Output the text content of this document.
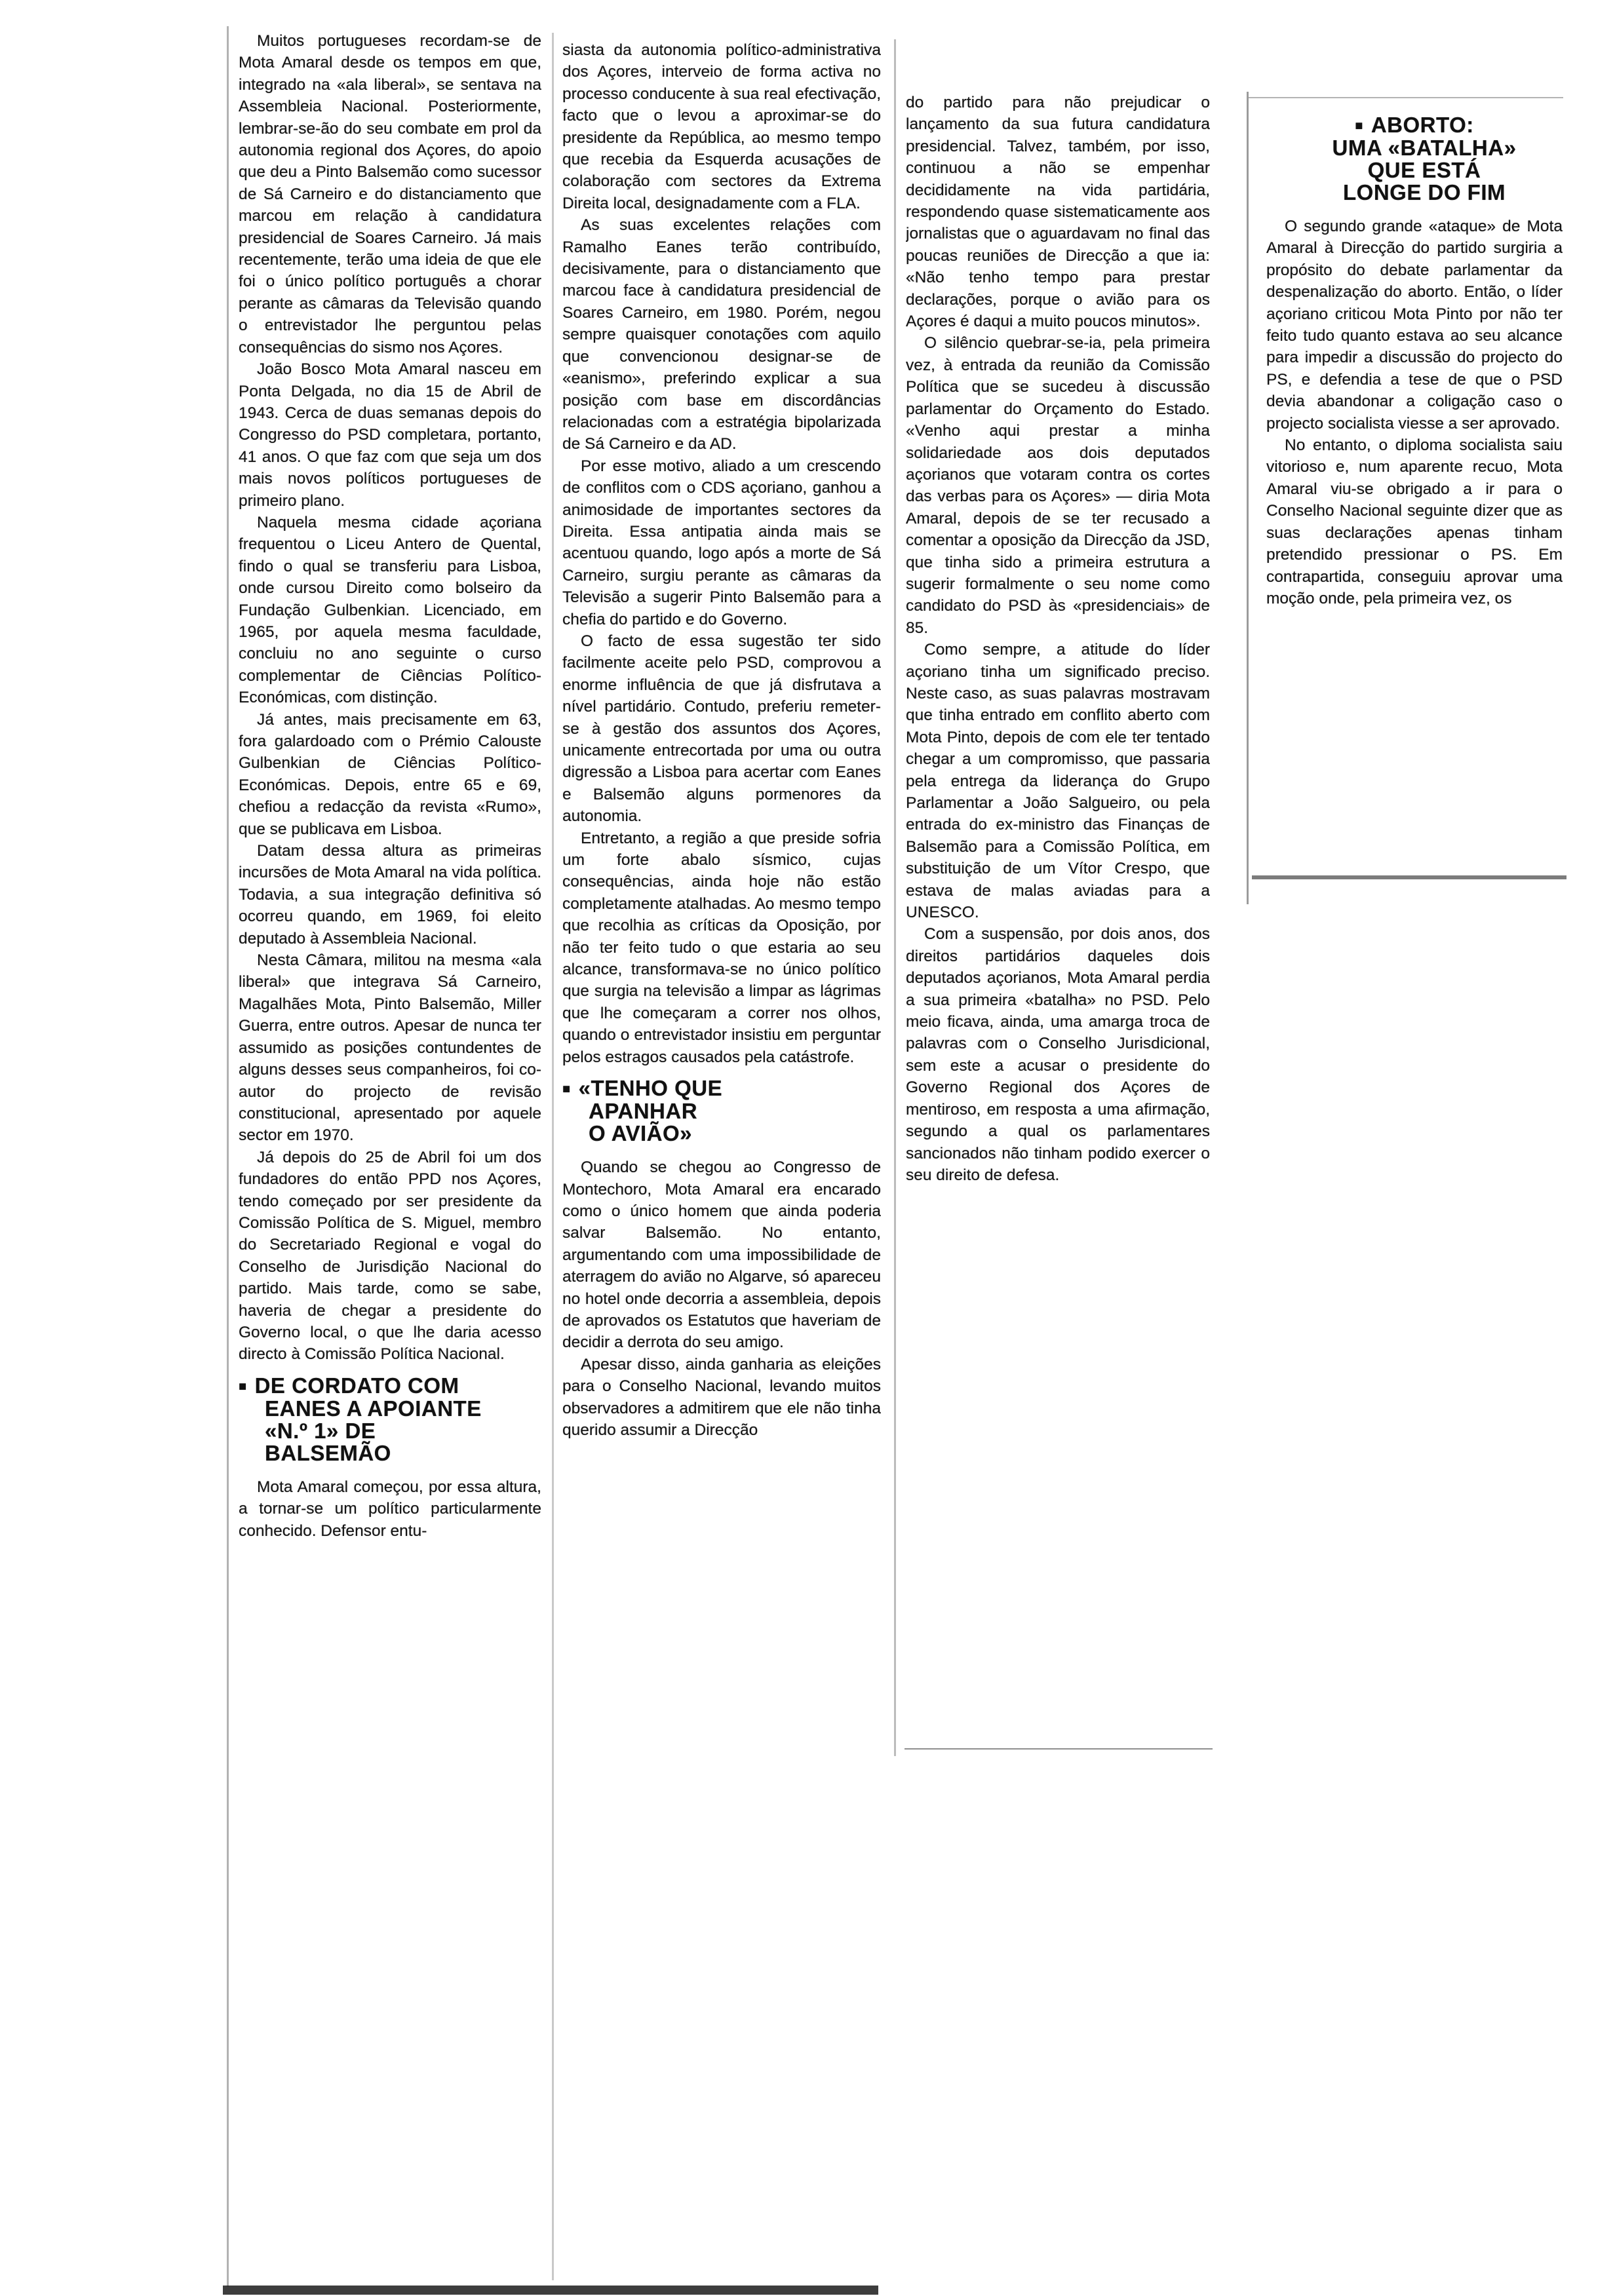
Muitos portugueses recordam-se de Mota Amaral desde os tempos em que, integrado na «ala liberal», se sentava na Assembleia Nacional. Posteriormente, lembrar-se-ão do seu combate em prol da autonomia regional dos Açores, do apoio que deu a Pinto Balsemão como sucessor de Sá Carneiro e do distanciamento que marcou em relação à candidatura presidencial de Soares Carneiro. Já mais recentemente, terão uma ideia de que ele foi o único político português a chorar perante as câmaras da Televisão quando o entrevistador lhe perguntou pelas consequências do sismo nos Açores.

João Bosco Mota Amaral nasceu em Ponta Delgada, no dia 15 de Abril de 1943. Cerca de duas semanas depois do Congresso do PSD completara, portanto, 41 anos. O que faz com que seja um dos mais novos políticos portugueses de primeiro plano.

Naquela mesma cidade açoriana frequentou o Liceu Antero de Quental, findo o qual se transferiu para Lisboa, onde cursou Direito como bolseiro da Fundação Gulbenkian. Licenciado, em 1965, por aquela mesma faculdade, concluiu no ano seguinte o curso complementar de Ciências Político-Económicas, com distinção.

Já antes, mais precisamente em 63, fora galardoado com o Prémio Calouste Gulbenkian de Ciências Político-Económicas. Depois, entre 65 e 69, chefiou a redacção da revista «Rumo», que se publicava em Lisboa.

Datam dessa altura as primeiras incursões de Mota Amaral na vida política. Todavia, a sua integração definitiva só ocorreu quando, em 1969, foi eleito deputado à Assembleia Nacional.

Nesta Câmara, militou na mesma «ala liberal» que integrava Sá Carneiro, Magalhães Mota, Pinto Balsemão, Miller Guerra, entre outros. Apesar de nunca ter assumido as posições contundentes de alguns desses seus companheiros, foi co-autor do projecto de revisão constitucional, apresentado por aquele sector em 1970.

Já depois do 25 de Abril foi um dos fundadores do então PPD nos Açores, tendo começado por ser presidente da Comissão Política de S. Miguel, membro do Secretariado Regional e vogal do Conselho de Jurisdição Nacional do partido. Mais tarde, como se sabe, haveria de chegar a presidente do Governo local, o que lhe daria acesso directo à Comissão Política Nacional.

■ DE CORDATO COM
EANES A APOIANTE
«N.º 1» DE
BALSEMÃO

Mota Amaral começou, por essa altura, a tornar-se um político particularmente conhecido. Defensor entu-

siasta da autonomia político-administrativa dos Açores, interveio de forma activa no processo conducente à sua real efectivação, facto que o levou a aproximar-se do presidente da República, ao mesmo tempo que recebia da Esquerda acusações de colaboração com sectores da Extrema Direita local, designadamente com a FLA.

As suas excelentes relações com Ramalho Eanes terão contribuído, decisivamente, para o distanciamento que marcou face à candidatura presidencial de Soares Carneiro, em 1980. Porém, negou sempre quaisquer conotações com aquilo que convencionou designar-se de «eanismo», preferindo explicar a sua posição com base em discordâncias relacionadas com a estratégia bipolarizada de Sá Carneiro e da AD.

Por esse motivo, aliado a um crescendo de conflitos com o CDS açoriano, ganhou a animosidade de importantes sectores da Direita. Essa antipatia ainda mais se acentuou quando, logo após a morte de Sá Carneiro, surgiu perante as câmaras da Televisão a sugerir Pinto Balsemão para a chefia do partido e do Governo.

O facto de essa sugestão ter sido facilmente aceite pelo PSD, comprovou a enorme influência de que já disfrutava a nível partidário. Contudo, preferiu remeter-se à gestão dos assuntos dos Açores, unicamente entrecortada por uma ou outra digressão a Lisboa para acertar com Eanes e Balsemão alguns pormenores da autonomia.

Entretanto, a região a que preside sofria um forte abalo sísmico, cujas consequências, ainda hoje não estão completamente atalhadas. Ao mesmo tempo que recolhia as críticas da Oposição, por não ter feito tudo o que estaria ao seu alcance, transformava-se no único político que surgia na televisão a limpar as lágrimas que lhe começaram a correr nos olhos, quando o entrevistador insistiu em perguntar pelos estragos causados pela catástrofe.

■ «TENHO QUE
APANHAR
O AVIÃO»

Quando se chegou ao Congresso de Montechoro, Mota Amaral era encarado como o único homem que ainda poderia salvar Balsemão. No entanto, argumentando com uma impossibilidade de aterragem do avião no Algarve, só apareceu no hotel onde decorria a assembleia, depois de aprovados os Estatutos que haveriam de decidir a derrota do seu amigo.

Apesar disso, ainda ganharia as eleições para o Conselho Nacional, levando muitos observadores a admitirem que ele não tinha querido assumir a Direcção

do partido para não prejudicar o lançamento da sua futura candidatura presidencial. Talvez, também, por isso, continuou a não se empenhar decididamente na vida partidária, respondendo quase sistematicamente aos jornalistas que o aguardavam no final das poucas reuniões de Direcção a que ia: «Não tenho tempo para prestar declarações, porque o avião para os Açores é daqui a muito poucos minutos».

O silêncio quebrar-se-ia, pela primeira vez, à entrada da reunião da Comissão Política que se sucedeu à discussão parlamentar do Orçamento do Estado. «Venho aqui prestar a minha solidariedade aos dois deputados açorianos que votaram contra os cortes das verbas para os Açores» — diria Mota Amaral, depois de se ter recusado a comentar a oposição da Direcção da JSD, que tinha sido a primeira estrutura a sugerir formalmente o seu nome como candidato do PSD às «presidenciais» de 85.

Como sempre, a atitude do líder açoriano tinha um significado preciso. Neste caso, as suas palavras mostravam que tinha entrado em conflito aberto com Mota Pinto, depois de com ele ter tentado chegar a um compromisso, que passaria pela entrega da liderança do Grupo Parlamentar a João Salgueiro, ou pela entrada do ex-ministro das Finanças de Balsemão para a Comissão Política, em substituição de um Vítor Crespo, que estava de malas aviadas para a UNESCO.

Com a suspensão, por dois anos, dos direitos partidários daqueles dois deputados açorianos, Mota Amaral perdia a sua primeira «batalha» no PSD. Pelo meio ficava, ainda, uma amarga troca de palavras com o Conselho Jurisdicional, sem este a acusar o presidente do Governo Regional dos Açores de mentiroso, em resposta a uma afirmação, segundo a qual os parlamentares sancionados não tinham podido exercer o seu direito de defesa.

■ ABORTO:
UMA «BATALHA»
QUE ESTÁ
LONGE DO FIM

O segundo grande «ataque» de Mota Amaral à Direcção do partido surgiria a propósito do debate parlamentar da despenalização do aborto. Então, o líder açoriano criticou Mota Pinto por não ter feito tudo quanto estava ao seu alcance para impedir a discussão do projecto do PS, e defendia a tese de que o PSD devia abandonar a coligação caso o projecto socialista viesse a ser aprovado.

No entanto, o diploma socialista saiu vitorioso e, num aparente recuo, Mota Amaral viu-se obrigado a ir para o Conselho Nacional seguinte dizer que as suas declarações apenas tinham pretendido pressionar o PS. Em contrapartida, conseguiu aprovar uma moção onde, pela primeira vez, os
